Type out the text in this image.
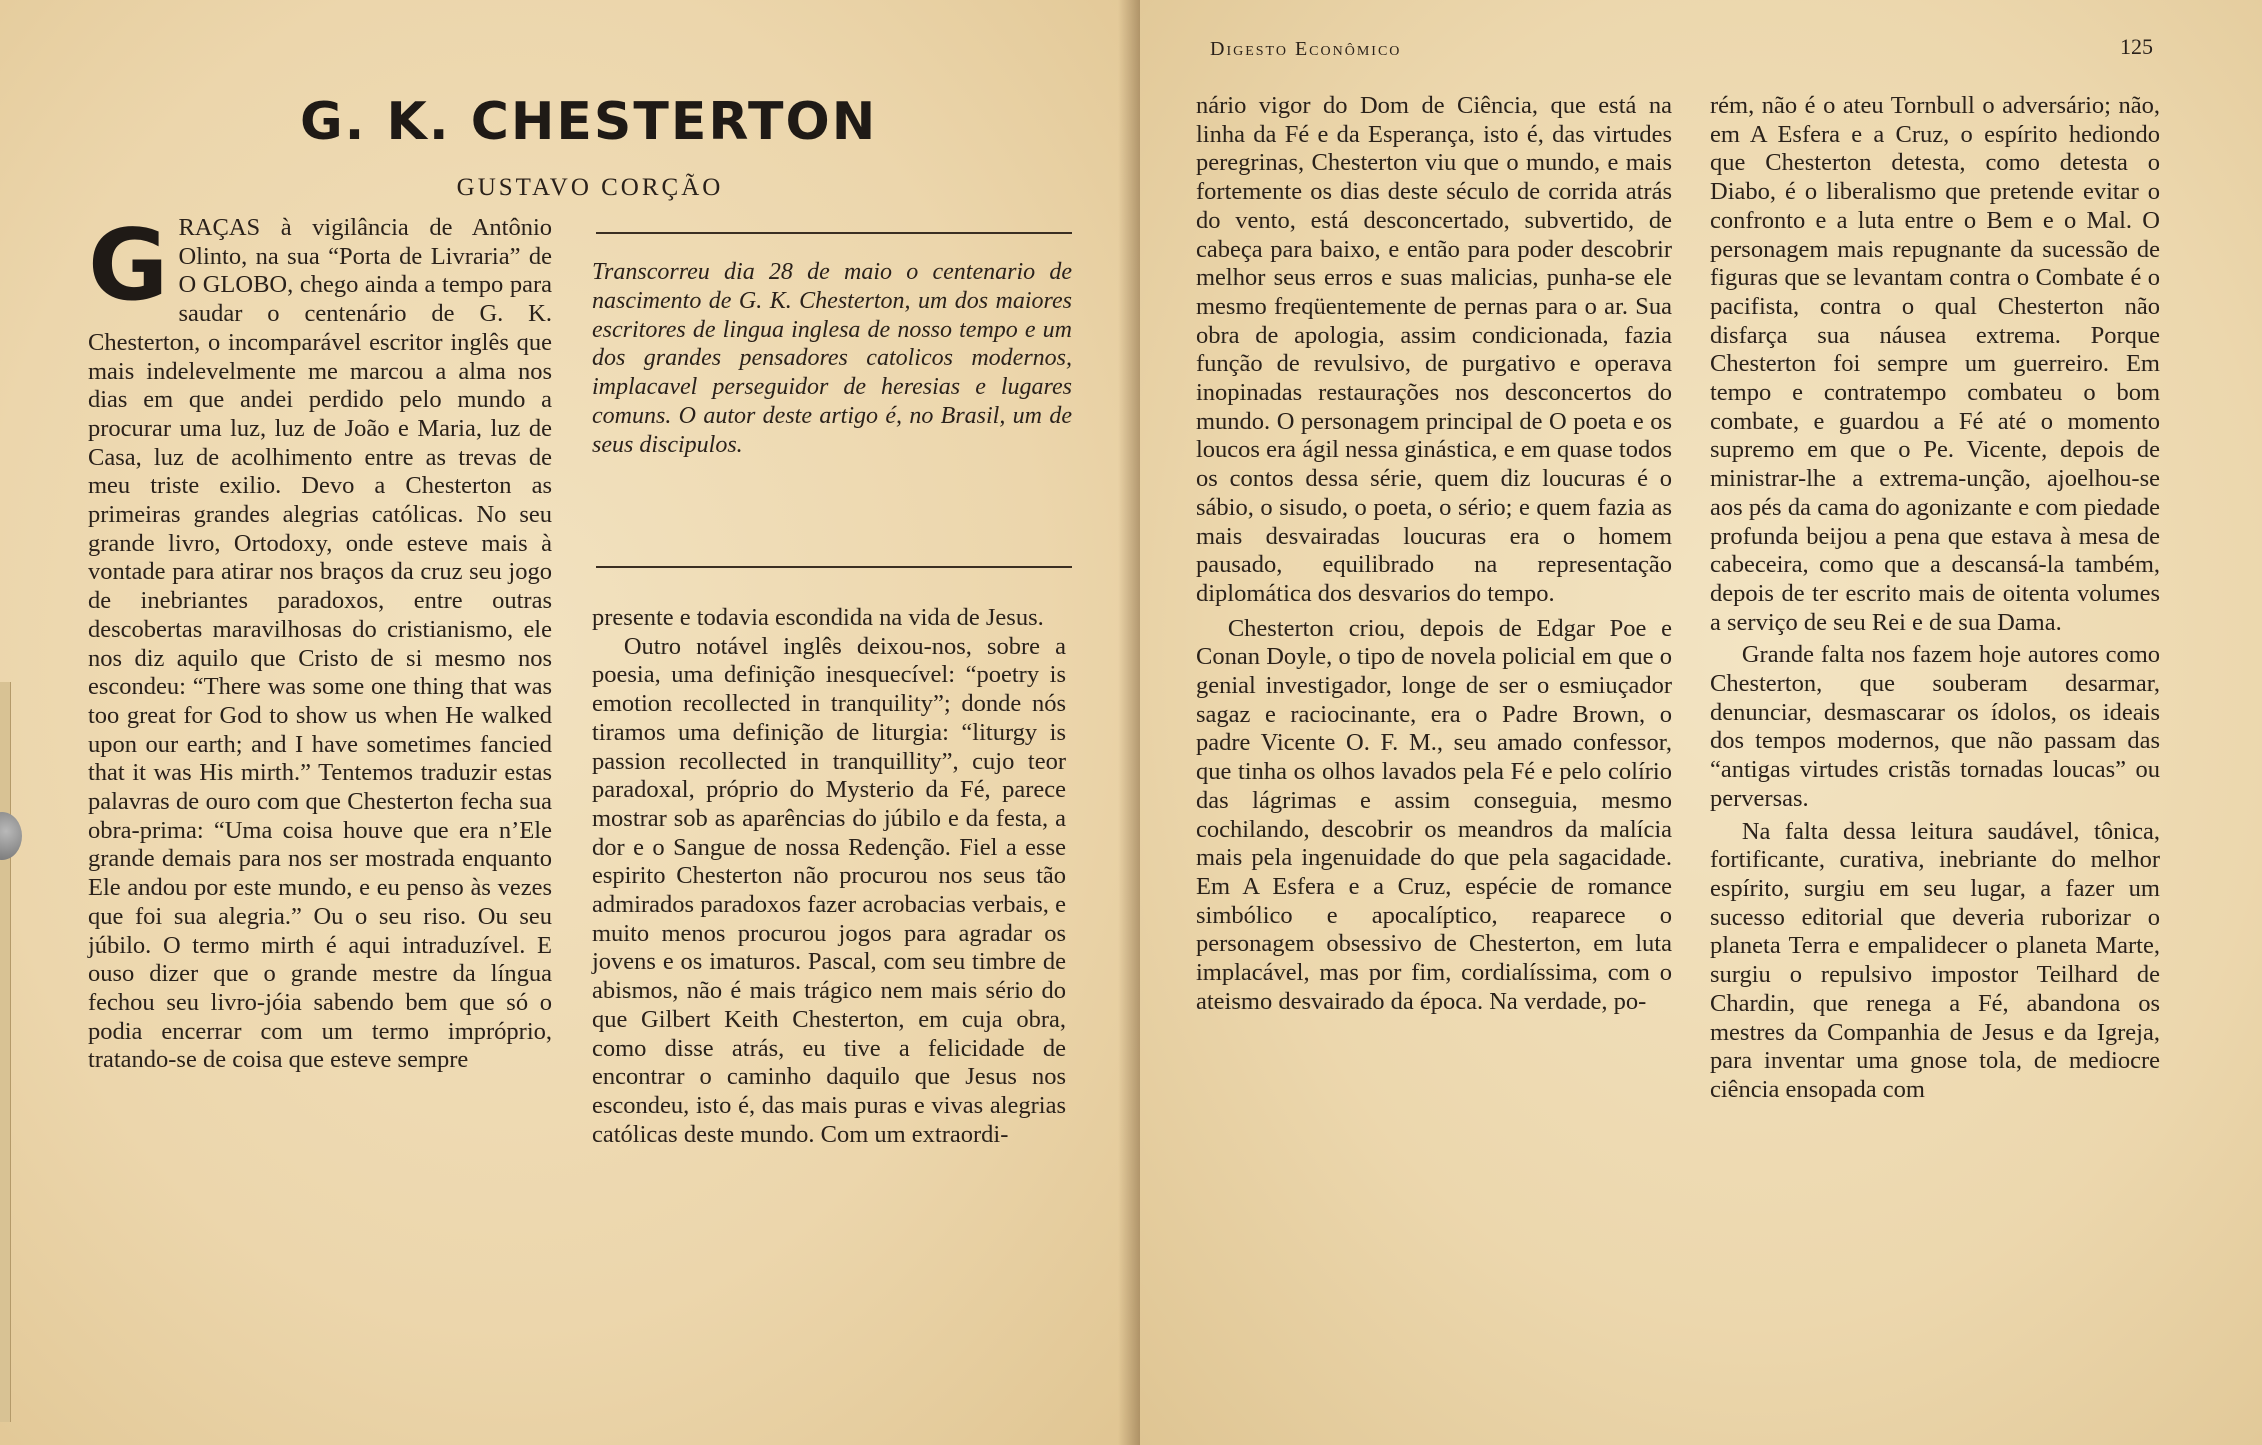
G. K. CHESTERTON
GUSTAVO CORÇÃO

GRAÇAS à vigilância de Antônio Olinto, na sua “Porta de Livraria” de O GLOBO, chego ainda a tempo para saudar o centenário de G. K. Chesterton, o incomparável escritor inglês que mais indelevelmente me marcou a alma nos dias em que andei perdido pelo mundo a procurar uma luz, luz de João e Maria, luz de Casa, luz de acolhimento entre as trevas de meu triste exilio. Devo a Chesterton as primeiras grandes alegrias católicas. No seu grande livro, Ortodoxy, onde esteve mais à vontade para atirar nos braços da cruz seu jogo de inebriantes paradoxos, entre outras descobertas maravilhosas do cristianismo, ele nos diz aquilo que Cristo de si mesmo nos escondeu: “There was some one thing that was too great for God to show us when He walked upon our earth; and I have sometimes fancied that it was His mirth.” Tentemos traduzir estas palavras de ouro com que Chesterton fecha sua obra-prima: “Uma coisa houve que era n’Ele grande demais para nos ser mostrada enquanto Ele andou por este mundo, e eu penso às vezes que foi sua alegria.” Ou o seu riso. Ou seu júbilo. O termo mirth é aqui intraduzível. E ouso dizer que o grande mestre da língua fechou seu livro-jóia sabendo bem que só o podia encerrar com um termo impróprio, tratando-se de coisa que esteve sempre

Transcorreu dia 28 de maio o centenario de nascimento de G. K. Chesterton, um dos maiores escritores de lingua inglesa de nosso tempo e um dos grandes pensadores catolicos modernos, implacavel perseguidor de heresias e lugares comuns. O autor deste artigo é, no Brasil, um de seus discipulos.

presente e todavia escondida na vida de Jesus.

Outro notável inglês deixou-nos, sobre a poesia, uma definição inesquecível: “poetry is emotion recollected in tranquility”; donde nós tiramos uma definição de liturgia: “liturgy is passion recollected in tranquillity”, cujo teor paradoxal, próprio do Mysterio da Fé, parece mostrar sob as aparências do júbilo e da festa, a dor e o Sangue de nossa Redenção. Fiel a esse espirito Chesterton não procurou nos seus tão admirados paradoxos fazer acrobacias verbais, e muito menos procurou jogos para agradar os jovens e os imaturos. Pascal, com seu timbre de abismos, não é mais trágico nem mais sério do que Gilbert Keith Chesterton, em cuja obra, como disse atrás, eu tive a felicidade de encontrar o caminho daquilo que Jesus nos escondeu, isto é, das mais puras e vivas alegrias católicas deste mundo. Com um extraordi-

Digesto Econômico	125

nário vigor do Dom de Ciência, que está na linha da Fé e da Esperança, isto é, das virtudes peregrinas, Chesterton viu que o mundo, e mais fortemente os dias deste século de corrida atrás do vento, está desconcertado, subvertido, de cabeça para baixo, e então para poder descobrir melhor seus erros e suas malicias, punha-se ele mesmo freqüentemente de pernas para o ar. Sua obra de apologia, assim condicionada, fazia função de revulsivo, de purgativo e operava inopinadas restaurações nos desconcertos do mundo. O personagem principal de O poeta e os loucos era ágil nessa ginástica, e em quase todos os contos dessa série, quem diz loucuras é o sábio, o sisudo, o poeta, o sério; e quem fazia as mais desvairadas loucuras era o homem pausado, equilibrado na representação diplomática dos desvarios do tempo.

Chesterton criou, depois de Edgar Poe e Conan Doyle, o tipo de novela policial em que o genial investigador, longe de ser o esmiuçador sagaz e raciocinante, era o Padre Brown, o padre Vicente O. F. M., seu amado confessor, que tinha os olhos lavados pela Fé e pelo colírio das lágrimas e assim conseguia, mesmo cochilando, descobrir os meandros da malícia mais pela ingenuidade do que pela sagacidade. Em A Esfera e a Cruz, espécie de romance simbólico e apocalíptico, reaparece o personagem obsessivo de Chesterton, em luta implacável, mas por fim, cordialíssima, com o ateismo desvairado da época. Na verdade, po-

rém, não é o ateu Tornbull o adversário; não, em A Esfera e a Cruz, o espírito hediondo que Chesterton detesta, como detesta o Diabo, é o liberalismo que pretende evitar o confronto e a luta entre o Bem e o Mal. O personagem mais repugnante da sucessão de figuras que se levantam contra o Combate é o pacifista, contra o qual Chesterton não disfarça sua náusea extrema. Porque Chesterton foi sempre um guerreiro. Em tempo e contratempo combateu o bom combate, e guardou a Fé até o momento supremo em que o Pe. Vicente, depois de ministrar-lhe a extrema-unção, ajoelhou-se aos pés da cama do agonizante e com piedade profunda beijou a pena que estava à mesa de cabeceira, como que a descansá-la também, depois de ter escrito mais de oitenta volumes a serviço de seu Rei e de sua Dama.

Grande falta nos fazem hoje autores como Chesterton, que souberam desarmar, denunciar, desmascarar os ídolos, os ideais dos tempos modernos, que não passam das “antigas virtudes cristãs tornadas loucas” ou perversas.

Na falta dessa leitura saudável, tônica, fortificante, curativa, inebriante do melhor espírito, surgiu em seu lugar, a fazer um sucesso editorial que deveria ruborizar o planeta Terra e empalidecer o planeta Marte, surgiu o repulsivo impostor Teilhard de Chardin, que renega a Fé, abandona os mestres da Companhia de Jesus e da Igreja, para inventar uma gnose tola, de mediocre ciência ensopada com
